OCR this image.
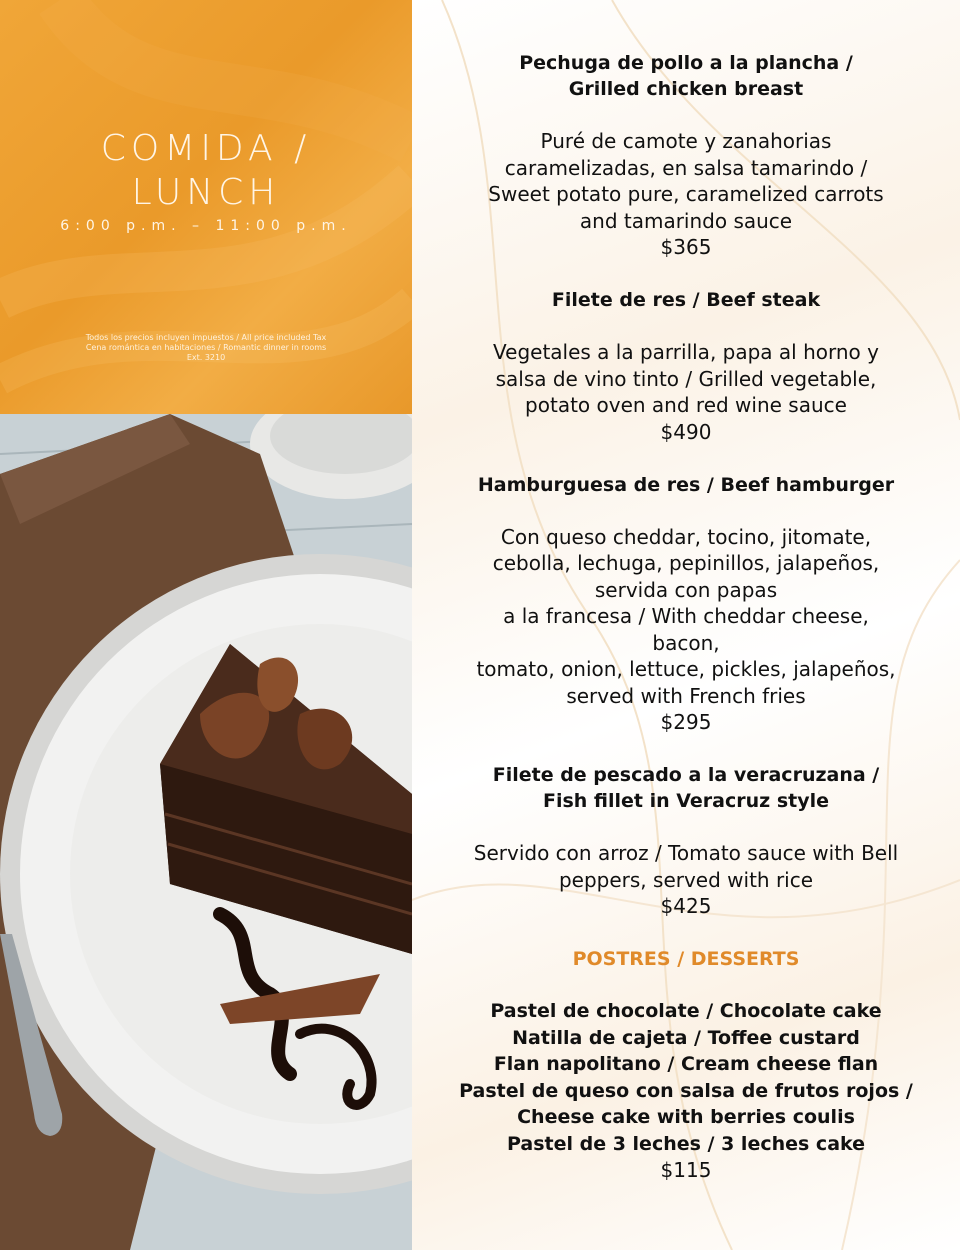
COMIDA /
LUNCH
6:00 p.m. – 11:00 p.m.
Todos los precios incluyen impuestos / All price included Tax
Cena romántica en habitaciones / Romantic dinner in rooms
Ext. 3210

Pechuga de pollo a la plancha /
Grilled chicken breast

Puré de camote y zanahorias
caramelizadas, en salsa tamarindo /
Sweet potato pure, caramelized carrots
and tamarindo sauce

$365

Filete de res / Beef steak

Vegetales a la parrilla, papa al horno y
salsa de vino tinto / Grilled vegetable,
potato oven and red wine sauce

$490

Hamburguesa de res / Beef hamburger

Con queso cheddar, tocino, jitomate,
cebolla, lechuga, pepinillos, jalapeños,
servida con papas
a la francesa / With cheddar cheese,
bacon,
tomato, onion, lettuce, pickles, jalapeños,
served with French fries

$295

Filete de pescado a la veracruzana /
Fish fillet in Veracruz style

Servido con arroz / Tomato sauce with Bell
peppers, served with rice

$425

POSTRES / DESSERTS

Pastel de chocolate / Chocolate cake

Natilla de cajeta / Toffee custard

Flan napolitano / Cream cheese flan

Pastel de queso con salsa de frutos rojos /

Cheese cake with berries coulis

Pastel de 3 leches / 3 leches cake

$115
